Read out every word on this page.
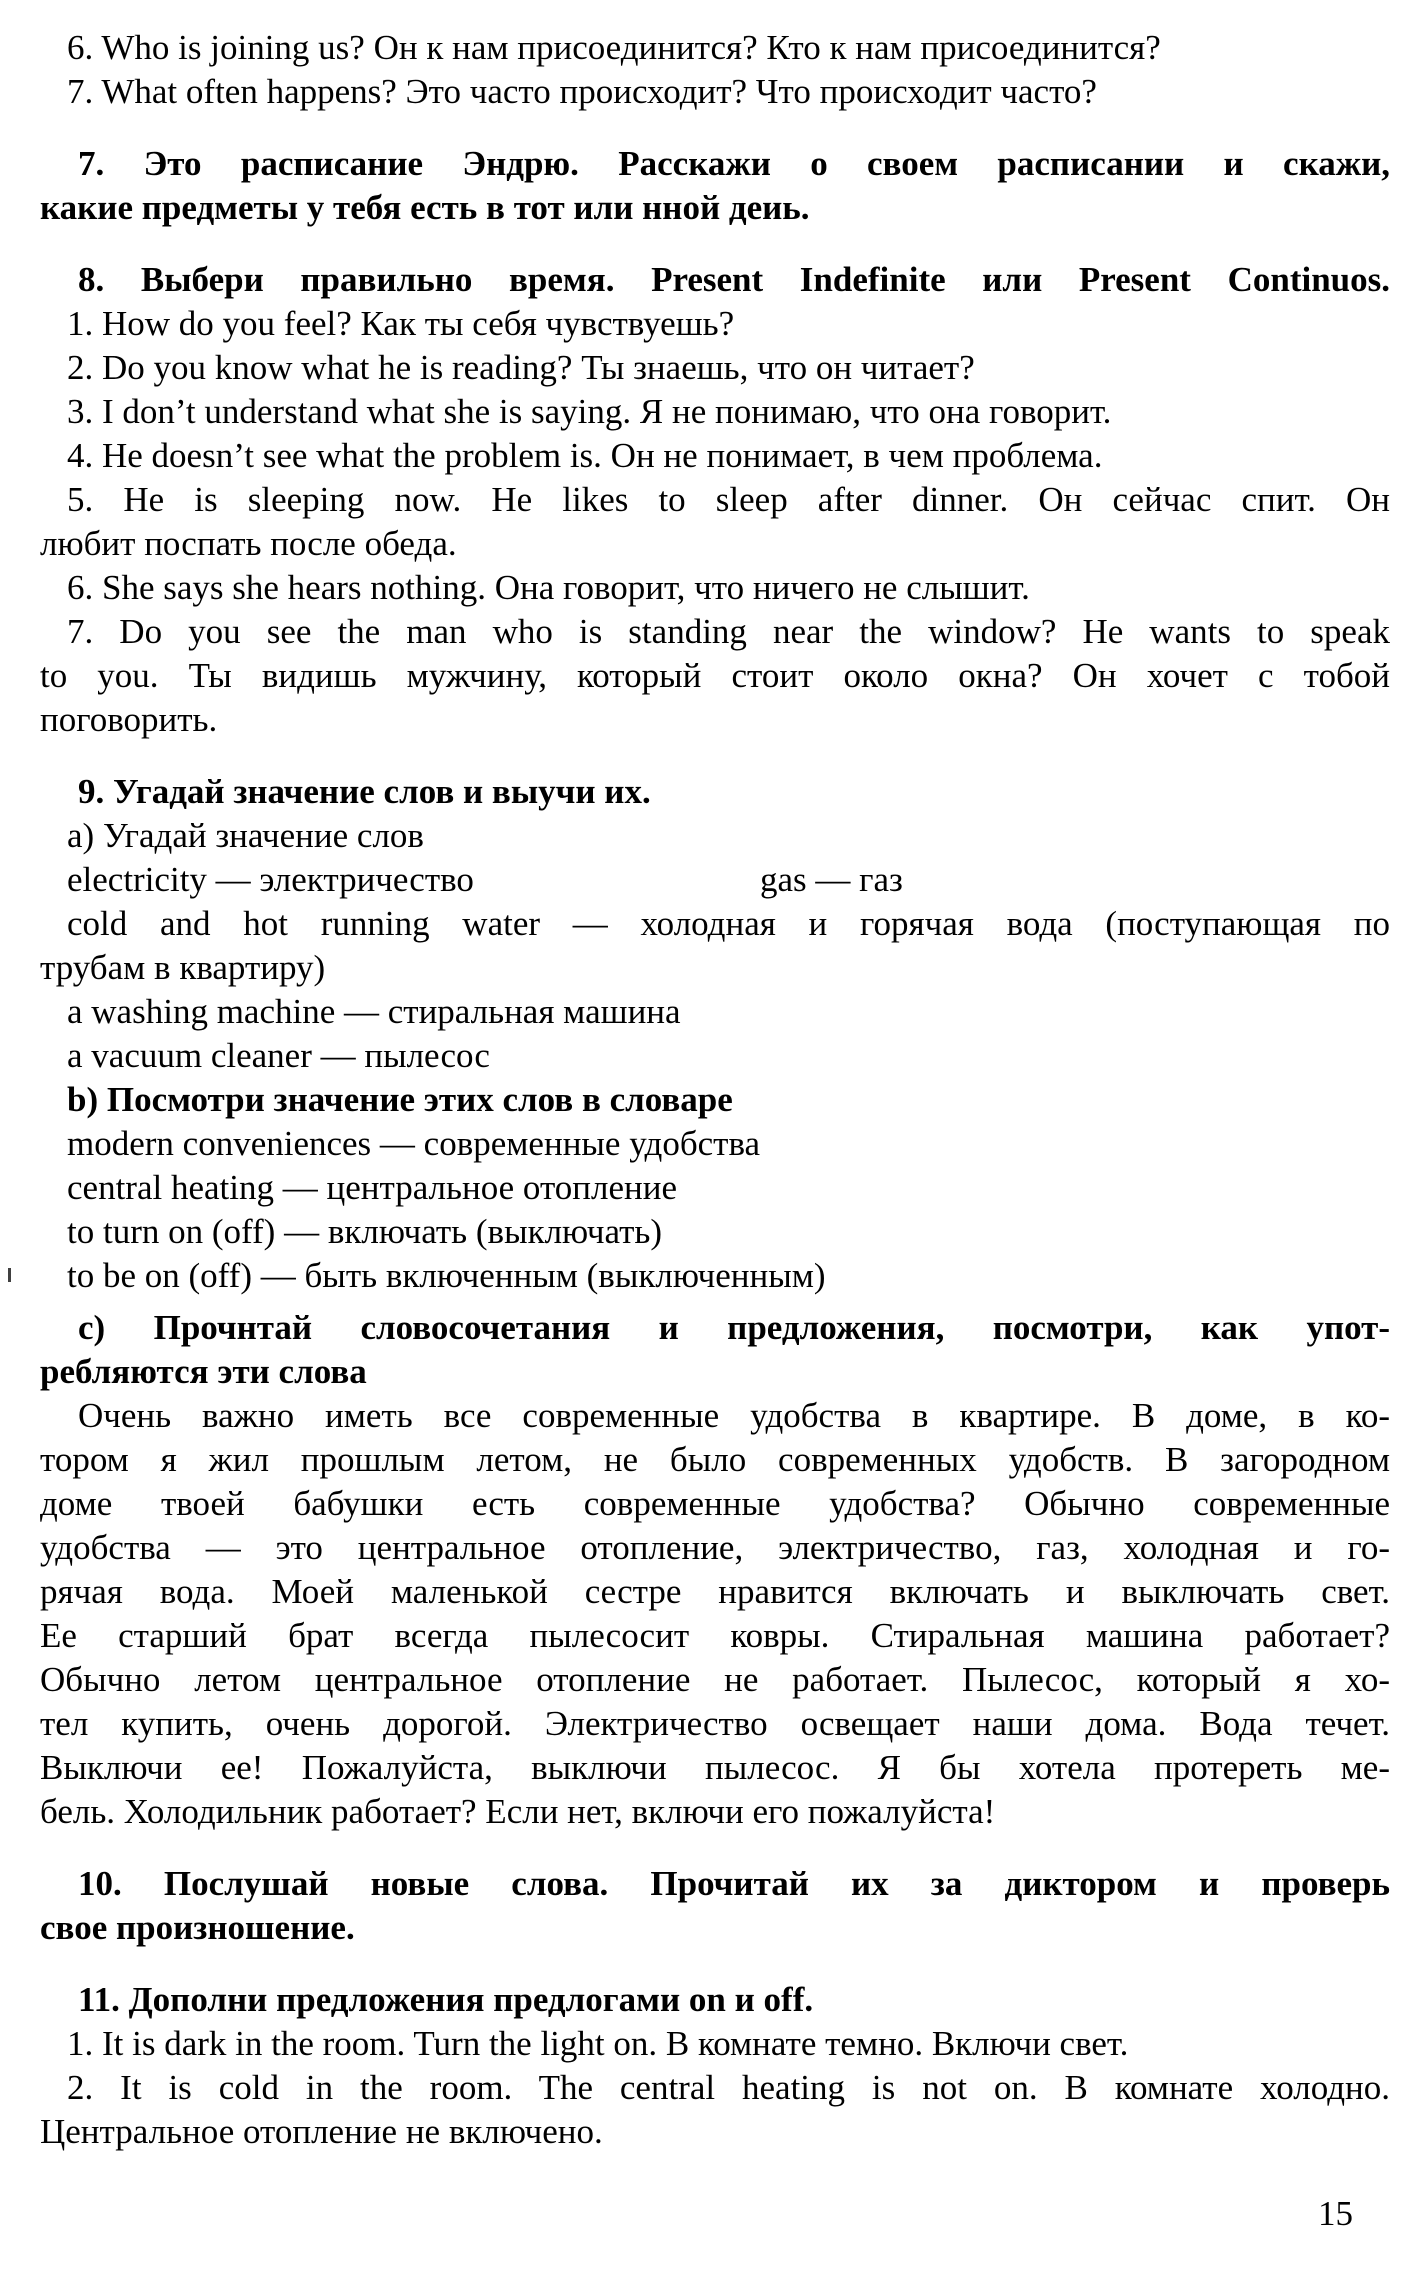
6. Who is joining us? Он к нам присоединится? Кто к нам присоединится?
7. What often happens? Это часто происходит? Что происходит часто?
7. Это расписание Эндрю. Расскажи о своем расписании и скажи,
какие предметы у тебя есть в тот или нной деиь.
8. Выбери правильно время. Present Indefinite или Present Continuos.
1. How do you feel? Как ты себя чувствуешь?
2. Do you know what he is reading? Ты знаешь, что он читает?
3. I don’t understand what she is saying. Я не понимаю, что она говорит.
4. He doesn’t see what the problem is. Он не понимает, в чем проблема.
5. He is sleeping now. He likes to sleep after dinner. Он сейчас спит. Он
любит поспать после обеда.
6. She says she hears nothing. Она говорит, что ничего не слышит.
7. Do you see the man who is standing near the window? He wants to speak
to you. Ты видишь мужчину, который стоит около окна? Он хочет с тобой
поговорить.
9. Угадай значение слов и выучи их.
a) Угадай значение слов
electricity — электричество	gas — газ
cold and hot running water — холодная и горячая вода (поступающая по
трубам в квартиру)
a washing machine — стиральная машина
a vacuum cleaner — пылесос
b) Посмотри значение этих слов в словаре
modern conveniences — современные удобства
central heating — центральное отопление
to turn on (off) — включать (выключать)
to be on (off) — быть включенным (выключенным)
c) Прочнтай словосочетания и предложения, посмотри, как упот-
ребляются эти слова
Очень важно иметь все современные удобства в квартире. В доме, в ко-
тором я жил прошлым летом, не было современных удобств. В загородном
доме твоей бабушки есть современные удобства? Обычно современные
удобства — это центральное отопление, электричество, газ, холодная и го-
рячая вода. Моей маленькой сестре нравится включать и выключать свет.
Ее старший брат всегда пылесосит ковры. Стиральная машина работает?
Обычно летом центральное отопление не работает. Пылесос, который я хо-
тел купить, очень дорогой. Электричество освещает наши дома. Вода течет.
Выключи ее! Пожалуйста, выключи пылесос. Я бы хотела протереть ме-
бель. Холодильник работает? Если нет, включи его пожалуйста!
10. Послушай новые слова. Прочитай их за диктором и проверь
свое произношение.
11. Дополни предложения предлогами on и off.
1. It is dark in the room. Turn the light on. В комнате темно. Включи свет.
2. It is cold in the room. The central heating is not on. В комнате холодно.
Центральное отопление не включено.
15
